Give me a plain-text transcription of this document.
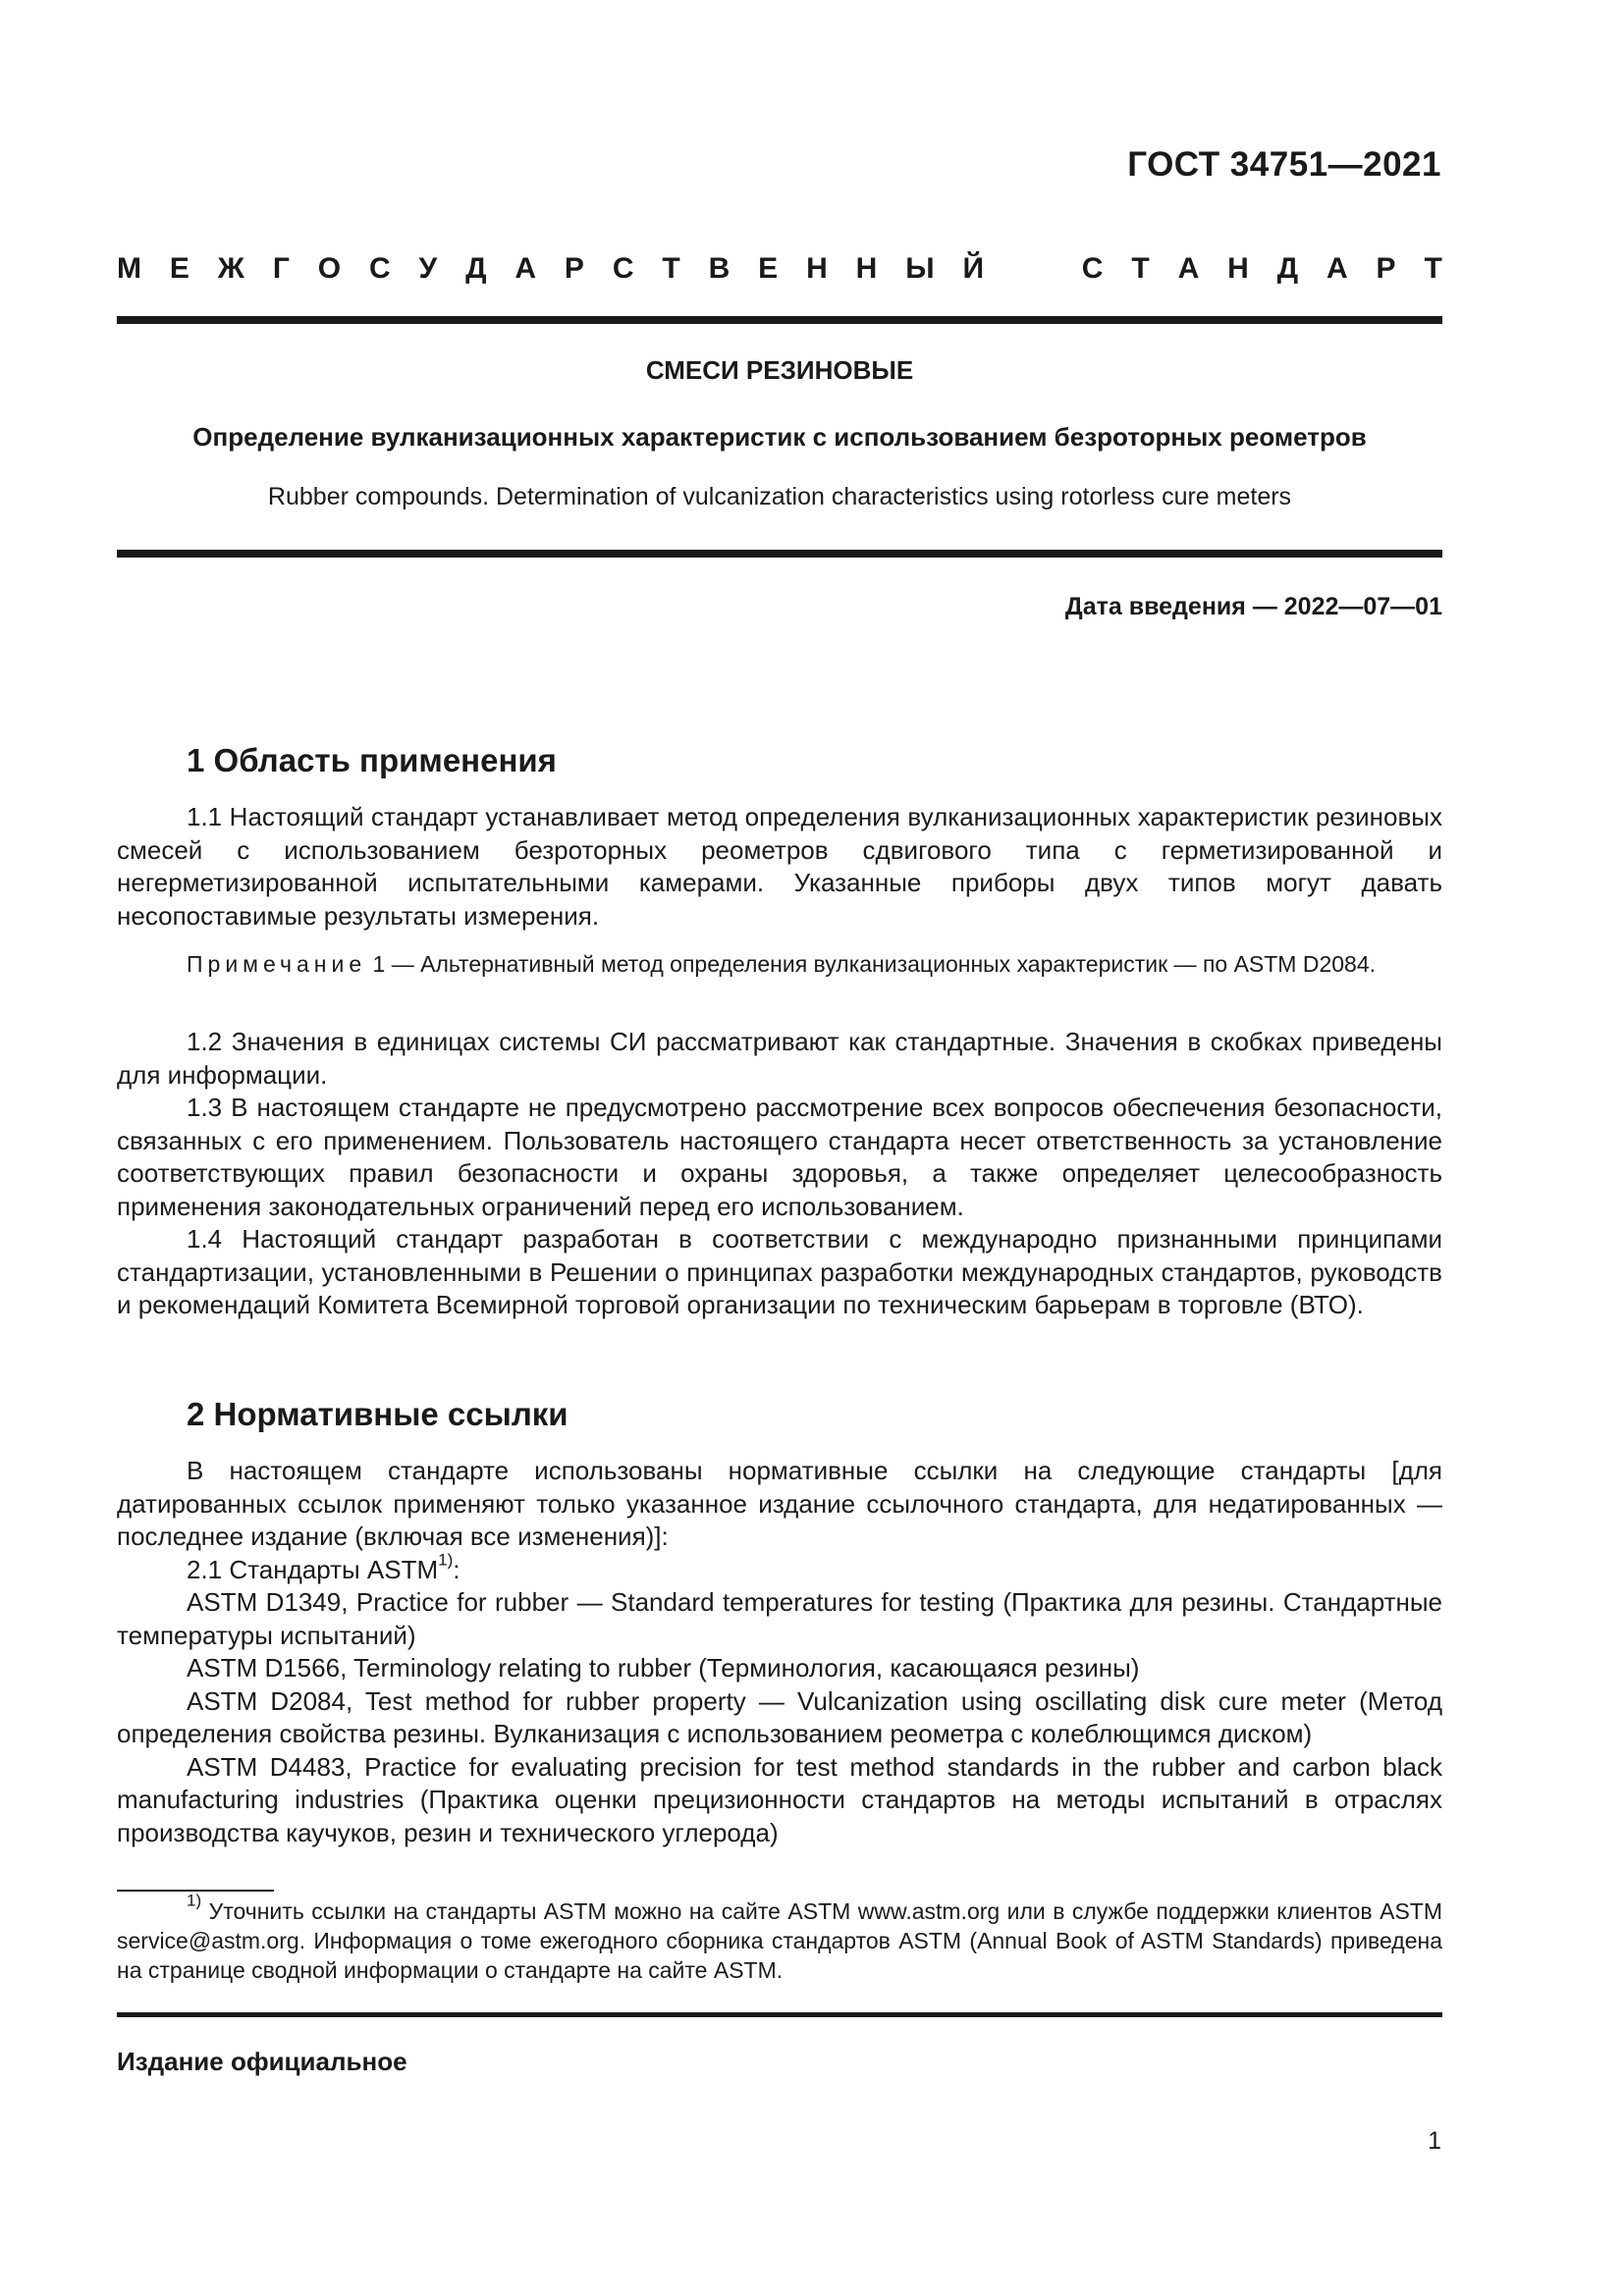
ГОСТ 34751—2021
М Е Ж Г О С У Д А Р С Т В Е Н Н Ы Й	С Т А Н Д А Р Т
СМЕСИ РЕЗИНОВЫЕ
Определение вулканизационных характеристик с использованием безроторных реометров
Rubber compounds. Determination of vulcanization characteristics using rotorless cure meters
Дата введения — 2022—07—01
1 Область применения

1.1 Настоящий стандарт устанавливает метод определения вулканизационных характеристик резиновых смесей с использованием безроторных реометров сдвигового типа с герметизированной и негерметизированной испытательными камерами. Указанные приборы двух типов могут давать несопоставимые результаты измерения.

Примечание 1 — Альтернативный метод определения вулканизационных характеристик — по ASTM D2084.

1.2 Значения в единицах системы СИ рассматривают как стандартные. Значения в скобках приведены для информации.

1.3 В настоящем стандарте не предусмотрено рассмотрение всех вопросов обеспечения безопасности, связанных с его применением. Пользователь настоящего стандарта несет ответственность за установление соответствующих правил безопасности и охраны здоровья, а также определяет целесообразность применения законодательных ограничений перед его использованием.

1.4 Настоящий стандарт разработан в соответствии с международно признанными принципами стандартизации, установленными в Решении о принципах разработки международных стандартов, руководств и рекомендаций Комитета Всемирной торговой организации по техническим барьерам в торговле (ВТО).

2 Нормативные ссылки

В настоящем стандарте использованы нормативные ссылки на следующие стандарты [для датированных ссылок применяют только указанное издание ссылочного стандарта, для недатированных — последнее издание (включая все изменения)]:

2.1 Стандарты ASTM$^{1)}$:

ASTM D1349, Practice for rubber — Standard temperatures for testing (Практика для резины. Стандартные температуры испытаний)

ASTM D1566, Terminology relating to rubber (Терминология, касающаяся резины)

ASTM D2084, Test method for rubber property — Vulcanization using oscillating disk cure meter (Метод определения свойства резины. Вулканизация с использованием реометра с колеблющимся диском)

ASTM D4483, Practice for evaluating precision for test method standards in the rubber and carbon black manufacturing industries (Практика оценки прецизионности стандартов на методы испытаний в отраслях производства каучуков, резин и технического углерода)

$^{1)}$ Уточнить ссылки на стандарты ASTM можно на сайте ASTM www.astm.org или в службе поддержки клиентов ASTM service@astm.org. Информация о томе ежегодного сборника стандартов ASTM (Annual Book of ASTM Standards) приведена на странице сводной информации о стандарте на сайте ASTM.

Издание официальное
1
